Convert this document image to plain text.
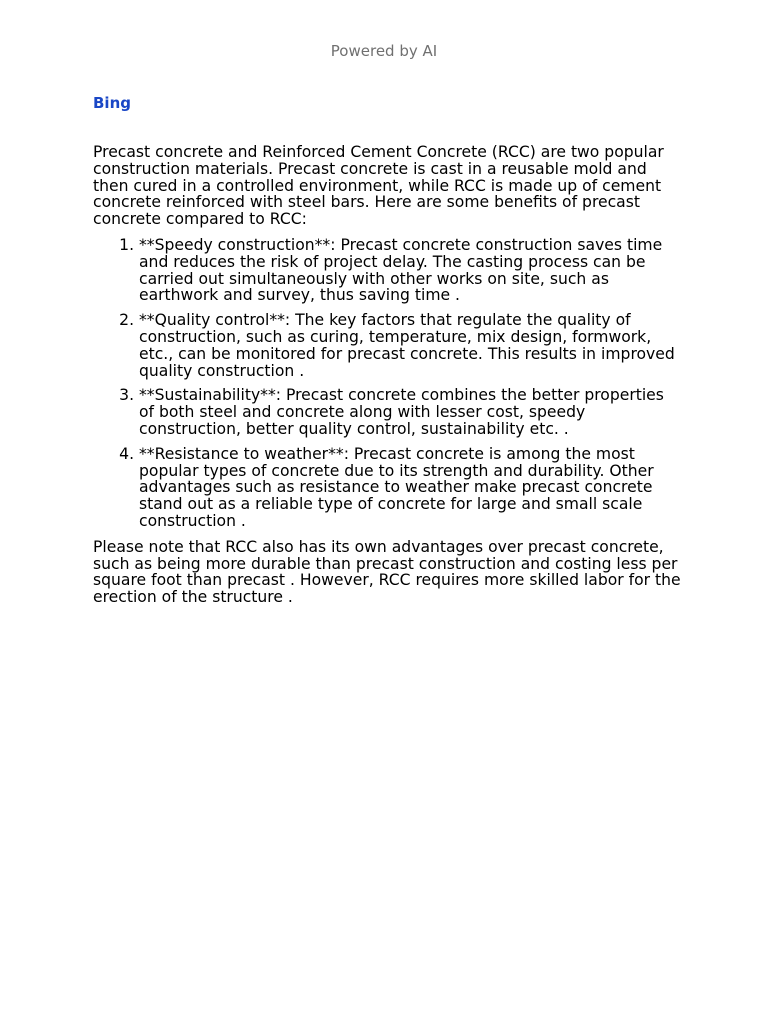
Powered by AI
Bing

Precast concrete and Reinforced Cement Concrete (RCC) are two popular construction materials. Precast concrete is cast in a reusable mold and then cured in a controlled environment, while RCC is made up of cement concrete reinforced with steel bars. Here are some benefits of precast concrete compared to RCC:

1. **Speedy construction**: Precast concrete construction saves time and reduces the risk of project delay. The casting process can be carried out simultaneously with other works on site, such as earthwork and survey, thus saving time .
2. **Quality control**: The key factors that regulate the quality of construction, such as curing, temperature, mix design, formwork, etc., can be monitored for precast concrete. This results in improved quality construction .
3. **Sustainability**: Precast concrete combines the better properties of both steel and concrete along with lesser cost, speedy construction, better quality control, sustainability etc. .
4. **Resistance to weather**: Precast concrete is among the most popular types of concrete due to its strength and durability. Other advantages such as resistance to weather make precast concrete stand out as a reliable type of concrete for large and small scale construction .

Please note that RCC also has its own advantages over precast concrete, such as being more durable than precast construction and costing less per square foot than precast . However, RCC requires more skilled labor for the erection of the structure .
